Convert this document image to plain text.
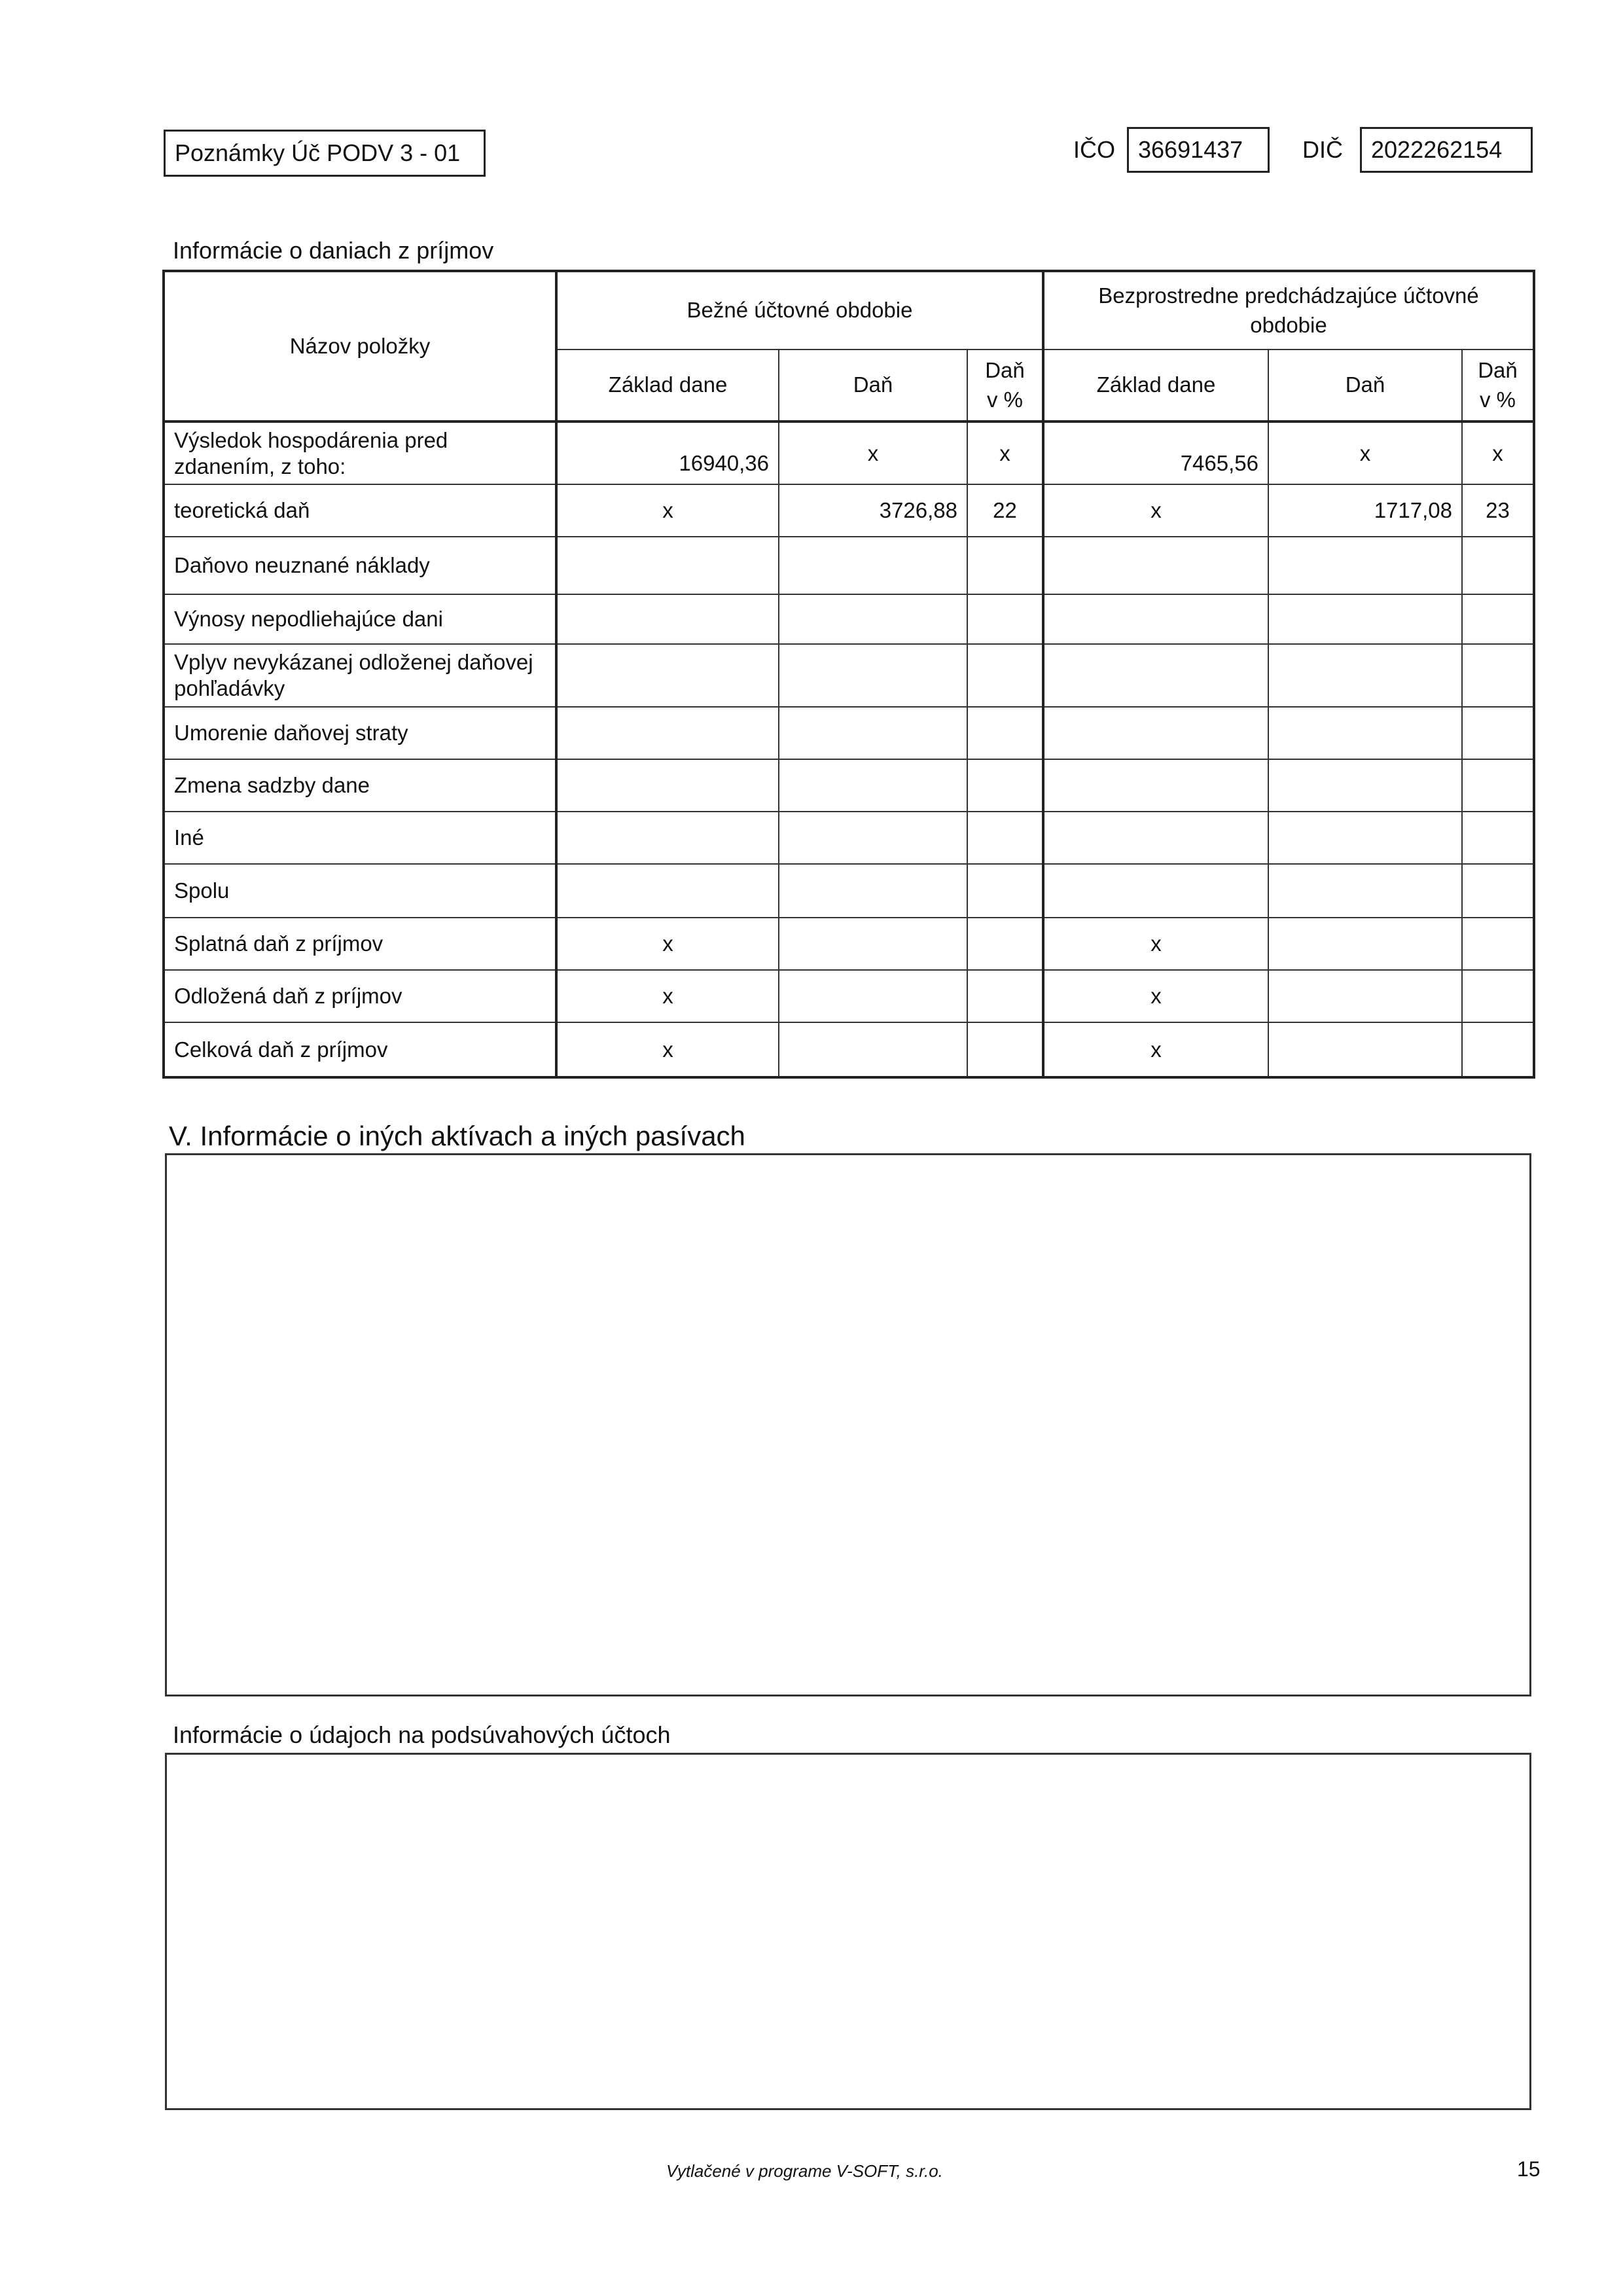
Poznámky Úč PODV 3 - 01	IČO 36691437	DIČ 2022262154
Informácie o daniach z príjmov
Názov položky	Bežné účtovné obdobie			Bezprostredne predchádzajúce účtovné obdobie		
	Základ dane	Daň	Daň v %	Základ dane	Daň	Daň v %
Výsledok hospodárenia pred zdanením, z toho:	16940,36	x	x	7465,56	x	x
teoretická daň	x	3726,88	22	x	1717,08	23
Daňovo neuznané náklady						
Výnosy nepodliehajúce dani						
Vplyv nevykázanej odloženej daňovej pohľadávky						
Umorenie daňovej straty						
Zmena sadzby dane						
Iné						
Spolu						
Splatná daň z príjmov	x			x		
Odložená daň z príjmov	x			x		
Celková daň z príjmov	x			x		
V. Informácie o iných aktívach a iných pasívach
Informácie o údajoch na podsúvahových účtoch
Vytlačené v programe V-SOFT, s.r.o.	15
